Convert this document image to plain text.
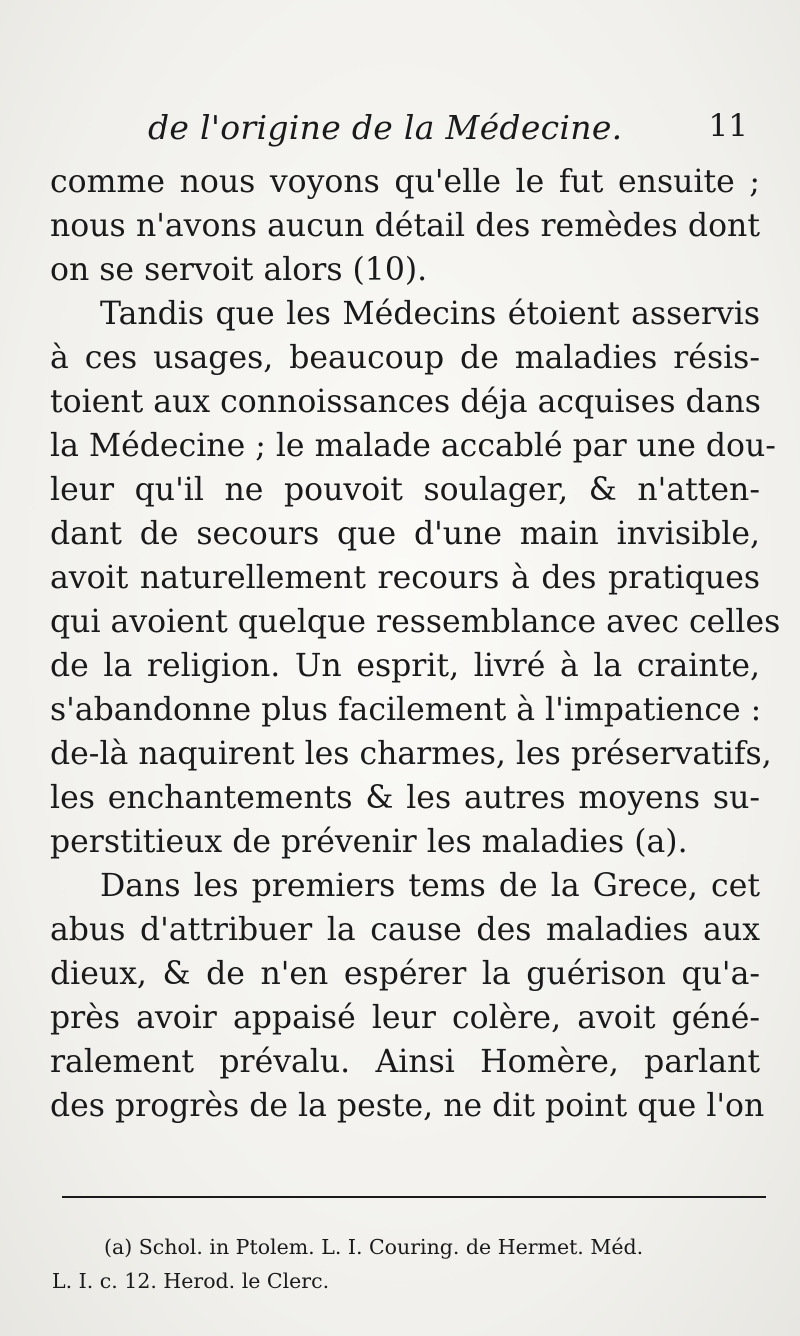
de l'origine de la Médecine.	11
comme nous voyons qu'elle le fut ensuite ;
nous n'avons aucun détail des remèdes dont
on se servoit alors (10).
Tandis que les Médecins étoient asservis
à ces usages, beaucoup de maladies résis-
toient aux connoissances déja acquises dans
la Médecine ; le malade accablé par une dou-
leur qu'il ne pouvoit soulager, & n'atten-
dant de secours que d'une main invisible,
avoit naturellement recours à des pratiques
qui avoient quelque ressemblance avec celles
de la religion. Un esprit, livré à la crainte,
s'abandonne plus facilement à l'impatience :
de-là naquirent les charmes, les préservatifs,
les enchantements & les autres moyens su-
perstitieux de prévenir les maladies (a).
Dans les premiers tems de la Grece, cet
abus d'attribuer la cause des maladies aux
dieux, & de n'en espérer la guérison qu'a-
près avoir appaisé leur colère, avoit géné-
ralement prévalu. Ainsi Homère, parlant
des progrès de la peste, ne dit point que l'on
(a) Schol. in Ptolem. L. I. Couring. de Hermet. Méd.
L. I. c. 12. Herod. le Clerc.
